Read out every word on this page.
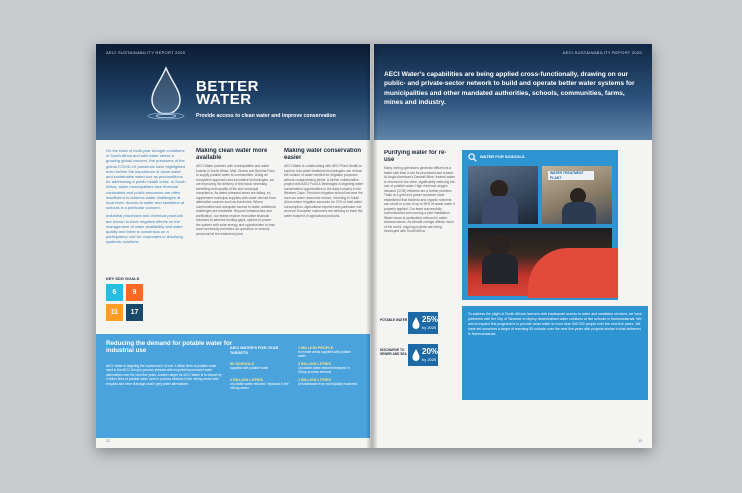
AECI SUSTAINABILITY REPORT 2020
BETTER
WATER
Provide access to clean water and improve conservation
On the back of multi-year drought conditions in South Africa and with water stress a growing global concern, the pressures of the global COVID-19 pandemic have highlighted even further the importance of clean water and sustainable water use as preconditions for addressing a public health crisis. In South Africa, water municipalities face financial constraints and public resources are often insufficient to address water challenges at local level. Access to water and sanitation at schools is a particular concern.
Industrial processes and chemical products are known to have negative effects on the management of water availability and water quality and there is consensus on a participatory role for corporates in resolving systemic solutions.
Making clean water more available
AECI Water partners with municipalities and water boards in South Africa, Mali, Ghana and Burkina Faso to supply potable water to communities. Using an ecosystem approach and innovative technologies, we are improving the delivery of this basic necessity, benefiting both quality of life and municipal compliance. As water-stressed areas are falling, so supplement municipal supplies with water derived from alternative sources such as boreholes. Where communities lack adequate access to water, additional challenges are inevitable. Beyond infrastructure and purification, our teams explore innovative financial solutions to address funding gaps, options to power the system with solar energy and opportunities to train local community members as operators or security personnel at the treatment plant.
Making water conservation easier
AECI Water is collaborating with AECI Plant Health to explore how water treatment technologies can reduce the volume of water needed for irrigation purposes without compromising yields. A further collaborative project with AECI Food & Beverages is targeting water conservation opportunities in the dairy industry in the Western Cape. Precision irrigation should become the norm as water resources reduce, including in South Africa where irrigation accounts for 70% of total water consumption. Agricultural experts have particular role as more European customers are seeking to track the water footprint of agricultural products.
KEY SDG GOALS
6	9
11	17
Reducing the demand for potable water for industrial use
AECI Water is targeting the replacement of over 2 billion litres of potable water used in the AECI Group's process streams with recycled/reprocessed water alternatives over the next five years. Another target for AECI Water is to reduce by 2 billion litres of potable water used in process streams in the mining sector with recycled and mine drainage and/or grey water alternatives.
AECI WATER'S FIVE-YEAR TARGETS
50 SCHOOLS
supplied with potable water
2 BILLION LITRES
of potable water reduced / replaced in the mining sector
1 MILLION PEOPLE
in remote areas supplied with potable water
2 BILLION LITRES
of potable water reduced/replaced in Group process streams
1 BILLION LITRES
of wastewater from municipality reclaimed
12
AECI SUSTAINABILITY REPORT 2020
AECI Water's capabilities are being applied cross-functionally, drawing on our public- and private-sector network to build and operate better water systems for municipalities and other mandated authorities, schools, communities, farms, mines and industry.
Purifying water for re-use
Many mining operations generate effluent at a faster rate than it can be processed and reused. At Anglo American's Dawmill Mine, treated water is returned to the mine, significantly reducing the use of potable water. High chemical oxygen demand (COD) effluents are a further problem. Trials at a gold and power customer have established that bacteria and organic nutrients can result in a use of up to 90% of waste water if properly applied. Our team successfully commissioned and running a pilot installation. Water reuse is particularly relevant in water-stressed areas. As climate change affects much of the world, ongoing projects are being developed with South Africa.
WATER FOR SCHOOLS
WATER TREATMENT PLANT
POTABLE WATER 25%
by 2025
DISCHARGE TO SEWER AND SEA 20%
by 2025
To address the plight of South African learners with inadequate access to water and sanitation services, we have partnered with the City of Tshwane to deploy decentralised water solutions at five schools in Hammanskraal. We aim to expand this programme to provide clean water to more than 500 000 people over the next five years. We have set ourselves a target of reaching 50 schools over the next five years with projects similar to that delivered in Hammanskraal.
13
